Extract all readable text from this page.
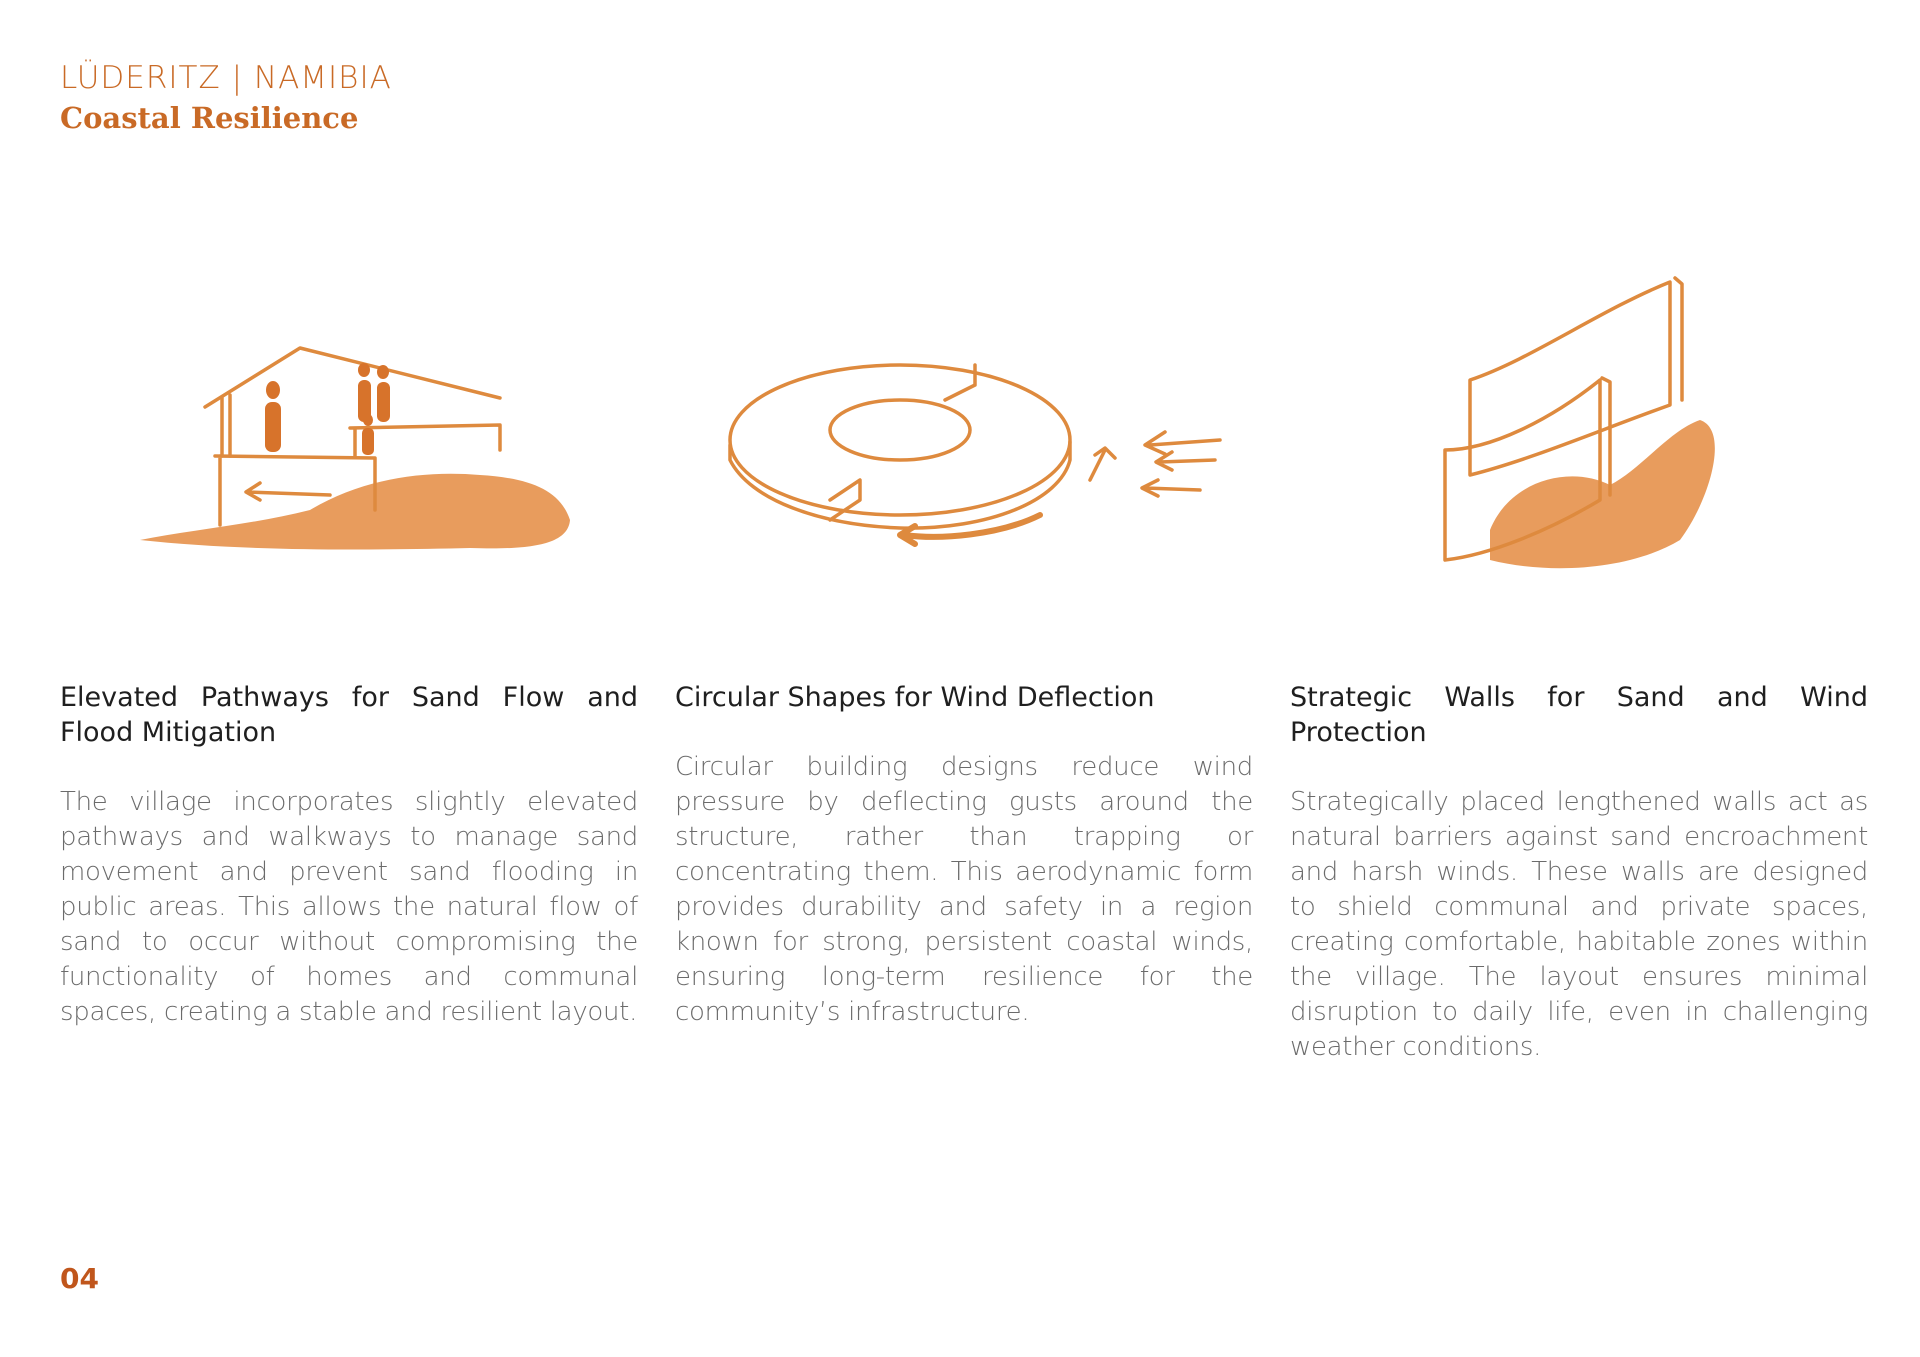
LÜDERITZ | NAMIBIA
Coastal Resilience
Elevated Pathways for Sand Flow and Flood Mitigation

The village incorporates slightly elevated pathways and walkways to manage sand movement and prevent sand flooding in public areas. This allows the natural flow of sand to occur without compromising the functionality of homes and communal spaces, creating a stable and resilient layout.

Circular Shapes for Wind Deflection

Circular building designs reduce wind pressure by deflecting gusts around the structure, rather than trapping or concentrating them. This aerodynamic form provides durability and safety in a region known for strong, persistent coastal winds, ensuring long-term resilience for the community’s infrastructure.

Strategic Walls for Sand and Wind Protection

Strategically placed lengthened walls act as natural barriers against sand encroachment and harsh winds. These walls are designed to shield communal and private spaces, creating comfortable, habitable zones within the village. The layout ensures minimal disruption to daily life, even in challenging weather conditions.

04
